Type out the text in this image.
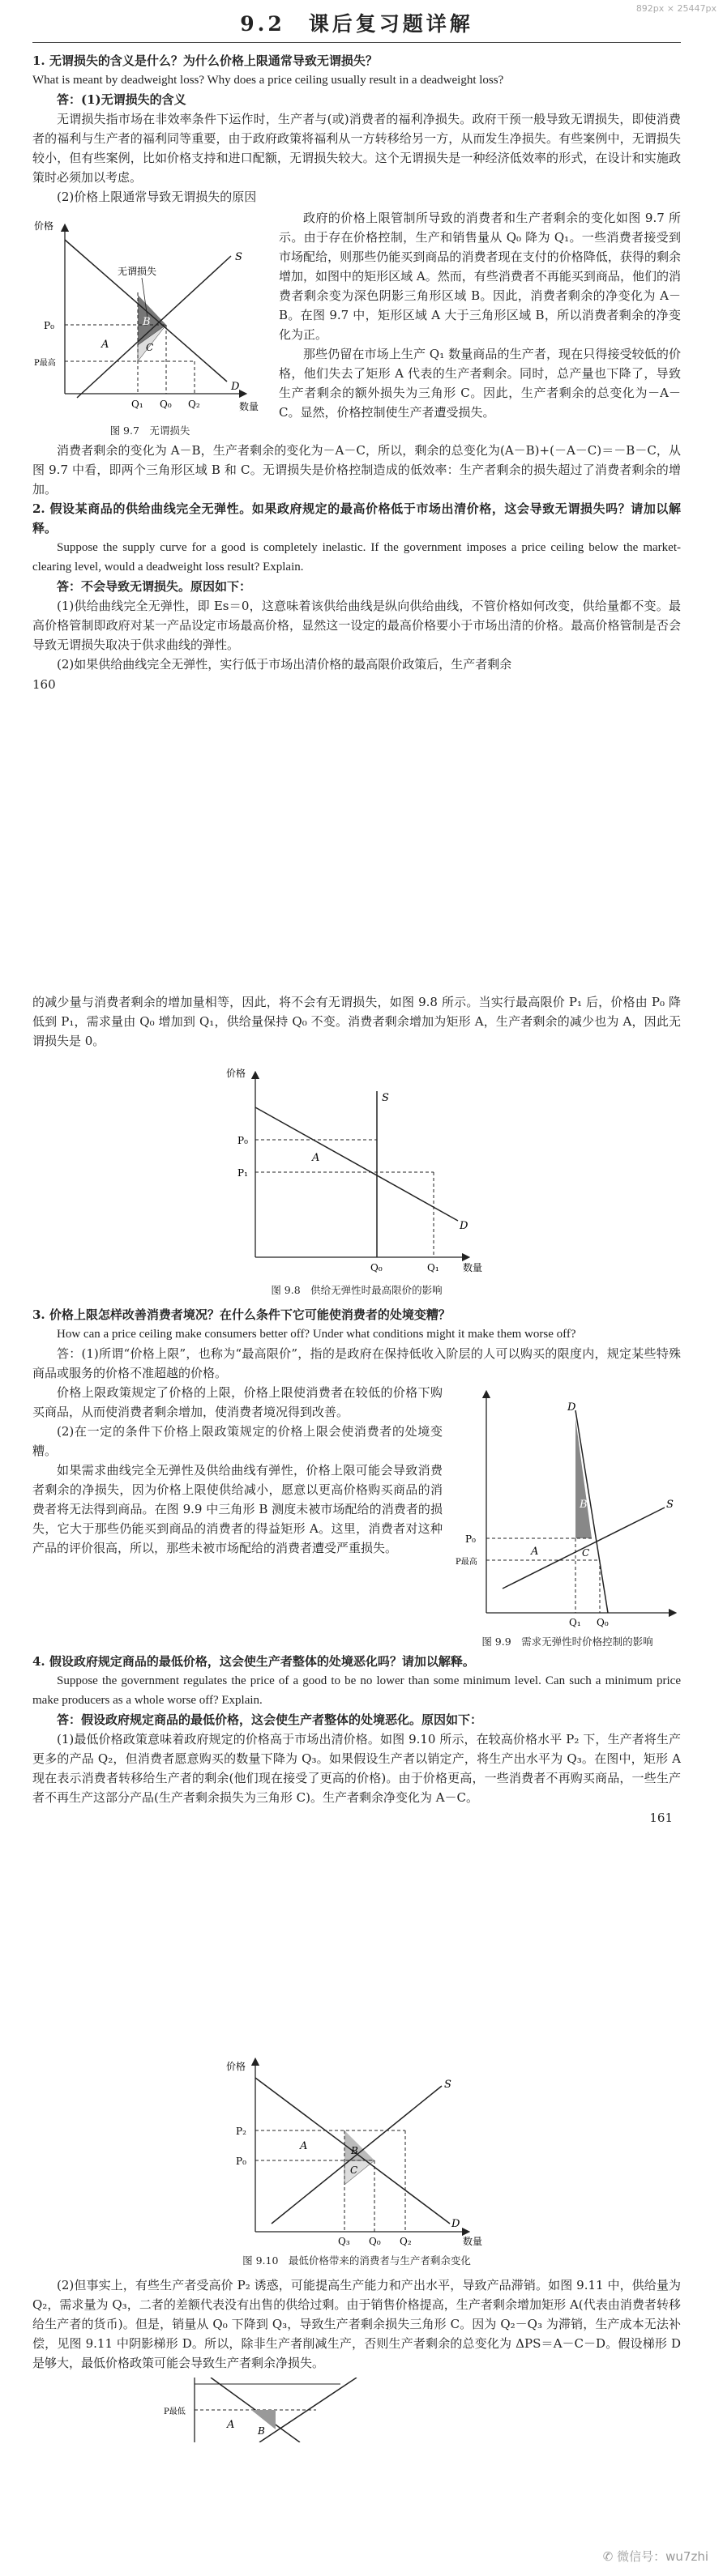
892px × 25447px
9.2　课后复习题详解

1. 无谓损失的含义是什么？为什么价格上限通常导致无谓损失？

What is meant by deadweight loss? Why does a price ceiling usually result in a deadweight loss?

答：(1)无谓损失的含义

无谓损失指市场在非效率条件下运作时，生产者与(或)消费者的福利净损失。政府干预一般导致无谓损失，即使消费者的福利与生产者的福利同等重要，由于政府政策将福利从一方转移给另一方，从而发生净损失。有些案例中，无谓损失较小，但有些案例，比如价格支持和进口配额，无谓损失较大。这个无谓损失是一种经济低效率的形式，在设计和实施政策时必须加以考虑。

(2)价格上限通常导致无谓损失的原因

价格
数量
无谓损失
S
D
A
B
C
P₀
P最高
Q₁ Q₀ Q₂
图 9.7　无谓损失

政府的价格上限管制所导致的消费者和生产者剩余的变化如图 9.7 所示。由于存在价格控制，生产和销售量从 Q₀ 降为 Q₁。一些消费者接受到市场配给，则那些仍能买到商品的消费者现在支付的价格降低，获得的剩余增加，如图中的矩形区域 A。然而，有些消费者不再能买到商品，他们的消费者剩余变为深色阴影三角形区域 B。因此，消费者剩余的净变化为 A－B。在图 9.7 中，矩形区域 A 大于三角形区域 B，所以消费者剩余的净变化为正。

那些仍留在市场上生产 Q₁ 数量商品的生产者，现在只得接受较低的价格，他们失去了矩形 A 代表的生产者剩余。同时，总产量也下降了，导致生产者剩余的额外损失为三角形 C。因此，生产者剩余的总变化为－A－C。显然，价格控制使生产者遭受损失。

消费者剩余的变化为 A－B，生产者剩余的变化为－A－C，所以，剩余的总变化为(A－B)+(－A－C)＝－B－C，从图 9.7 中看，即两个三角形区域 B 和 C。无谓损失是价格控制造成的低效率：生产者剩余的损失超过了消费者剩余的增加。

2. 假设某商品的供给曲线完全无弹性。如果政府规定的最高价格低于市场出清价格，这会导致无谓损失吗？请加以解释。

Suppose the supply curve for a good is completely inelastic. If the government imposes a price ceiling below the market-clearing level, would a deadweight loss result? Explain.

答：不会导致无谓损失。原因如下：

(1)供给曲线完全无弹性，即 Es＝0，这意味着该供给曲线是纵向供给曲线，不管价格如何改变，供给量都不变。最高价格管制即政府对某一产品设定市场最高价格，显然这一设定的最高价格要小于市场出清的价格。最高价格管制是否会导致无谓损失取决于供求曲线的弹性。

(2)如果供给曲线完全无弹性，实行低于市场出清价格的最高限价政策后，生产者剩余

160

的减少量与消费者剩余的增加量相等，因此，将不会有无谓损失，如图 9.8 所示。当实行最高限价 P₁ 后，价格由 P₀ 降低到 P₁，需求量由 Q₀ 增加到 Q₁，供给量保持 Q₀ 不变。消费者剩余增加为矩形 A，生产者剩余的减少也为 A，因此无谓损失是 0。

价格
数量
S
D
A
P₀
P₁
Q₀	Q₁
图 9.8　供给无弹性时最高限价的影响

3. 价格上限怎样改善消费者境况？在什么条件下它可能使消费者的处境变糟？

How can a price ceiling make consumers better off? Under what conditions might it make them worse off?

答：(1)所谓“价格上限”，也称为“最高限价”，指的是政府在保持低收入阶层的人可以购买的限度内，规定某些特殊商品或服务的价格不准超越的价格。

D
S
B
A	C
P₀
P最高
Q₁ Q₀
图 9.9　需求无弹性时价格控制的影响

价格上限政策规定了价格的上限，价格上限使消费者在较低的价格下购买商品，从而使消费者剩余增加，使消费者境况得到改善。

(2)在一定的条件下价格上限政策规定的价格上限会使消费者的处境变糟。

如果需求曲线完全无弹性及供给曲线有弹性，价格上限可能会导致消费者剩余的净损失，因为价格上限使供给减小，愿意以更高价格购买商品的消费者将无法得到商品。在图 9.9 中三角形 B 测度未被市场配给的消费者的损失，它大于那些仍能买到商品的消费者的得益矩形 A。这里，消费者对这种产品的评价很高，所以，那些未被市场配给的消费者遭受严重损失。

4. 假设政府规定商品的最低价格，这会使生产者整体的处境恶化吗？请加以解释。

Suppose the government regulates the price of a good to be no lower than some minimum level. Can such a minimum price make producers as a whole worse off? Explain.

答：假设政府规定商品的最低价格，这会使生产者整体的处境恶化。原因如下：

(1)最低价格政策意味着政府规定的价格高于市场出清价格。如图 9.10 所示，在较高价格水平 P₂ 下，生产者将生产更多的产品 Q₂，但消费者愿意购买的数量下降为 Q₃。如果假设生产者以销定产，将生产出水平为 Q₃。在图中，矩形 A 现在表示消费者转移给生产者的剩余(他们现在接受了更高的价格)。由于价格更高，一些消费者不再购买商品，一些生产者不再生产这部分产品(生产者剩余损失为三角形 C)。生产者剩余净变化为 A－C。

161
价格
数量
S
D
A	B
C
P₂
P₀
Q₃ Q₀ Q₂
图 9.10　最低价格带来的消费者与生产者剩余变化

(2)但事实上，有些生产者受高价 P₂ 诱惑，可能提高生产能力和产出水平，导致产品滞销。如图 9.11 中，供给量为 Q₂，需求量为 Q₃，二者的差额代表没有出售的供给过剩。由于销售价格提高，生产者剩余增加矩形 A(代表由消费者转移给生产者的货币)。但是，销量从 Q₀ 下降到 Q₃，导致生产者剩余损失三角形 C。因为 Q₂－Q₃ 为滞销，生产成本无法补偿，见图 9.11 中阴影梯形 D。所以，除非生产者削减生产，否则生产者剩余的总变化为 ΔPS＝A－C－D。假设梯形 D 是够大，最低价格政策可能会导致生产者剩余净损失。

P最低
A B
✆ 微信号：wu7zhi
